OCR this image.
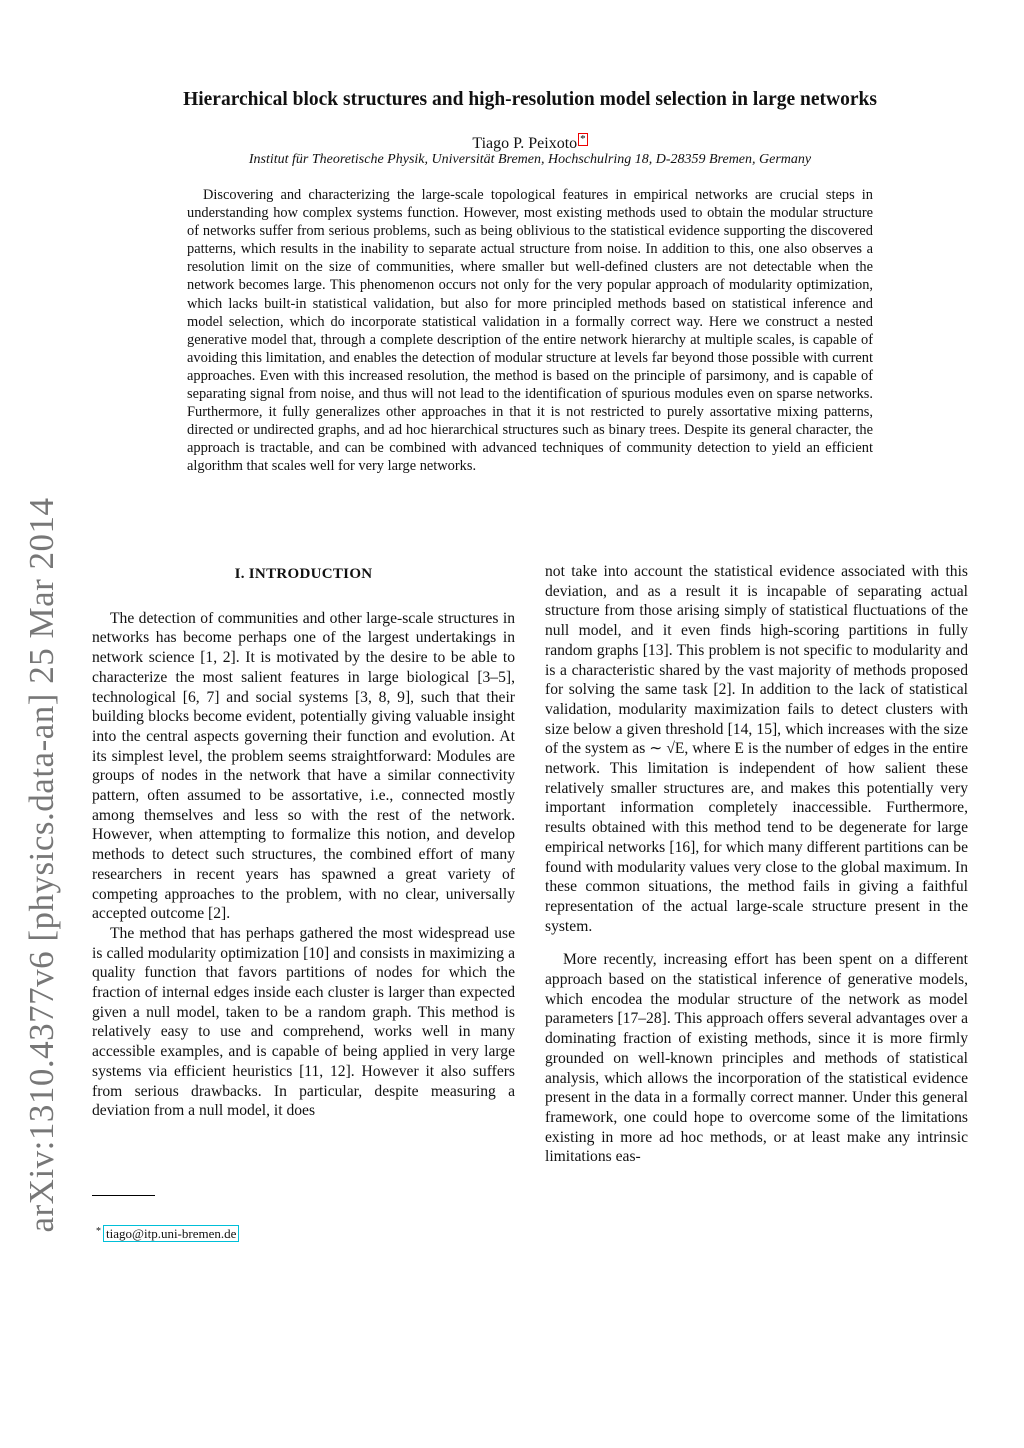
arXiv:1310.4377v6 [physics.data-an] 25 Mar 2014
Hierarchical block structures and high-resolution model selection in large networks
Tiago P. Peixoto *
Institut für Theoretische Physik, Universität Bremen, Hochschulring 18, D-28359 Bremen, Germany

Discovering and characterizing the large-scale topological features in empirical networks are crucial steps in understanding how complex systems function. However, most existing methods used to obtain the modular structure of networks suffer from serious problems, such as being oblivious to the statistical evidence supporting the discovered patterns, which results in the inability to separate actual structure from noise. In addition to this, one also observes a resolution limit on the size of communities, where smaller but well-defined clusters are not detectable when the network becomes large. This phenomenon occurs not only for the very popular approach of modularity optimization, which lacks built-in statistical validation, but also for more principled methods based on statistical inference and model selection, which do incorporate statistical validation in a formally correct way. Here we construct a nested generative model that, through a complete description of the entire network hierarchy at multiple scales, is capable of avoiding this limitation, and enables the detection of modular structure at levels far beyond those possible with current approaches. Even with this increased resolution, the method is based on the principle of parsimony, and is capable of separating signal from noise, and thus will not lead to the identification of spurious modules even on sparse networks. Furthermore, it fully generalizes other approaches in that it is not restricted to purely assortative mixing patterns, directed or undirected graphs, and ad hoc hierarchical structures such as binary trees. Despite its general character, the approach is tractable, and can be combined with advanced techniques of community detection to yield an efficient algorithm that scales well for very large networks.

I. INTRODUCTION

The detection of communities and other large-scale structures in networks has become perhaps one of the largest undertakings in network science [1, 2]. It is motivated by the desire to be able to characterize the most salient features in large biological [3–5], technological [6, 7] and social systems [3, 8, 9], such that their building blocks become evident, potentially giving valuable insight into the central aspects governing their function and evolution. At its simplest level, the problem seems straightforward: Modules are groups of nodes in the network that have a similar connectivity pattern, often assumed to be assortative, i.e., connected mostly among themselves and less so with the rest of the network. However, when attempting to formalize this notion, and develop methods to detect such structures, the combined effort of many researchers in recent years has spawned a great variety of competing approaches to the problem, with no clear, universally accepted outcome [2].

The method that has perhaps gathered the most widespread use is called modularity optimization [10] and consists in maximizing a quality function that favors partitions of nodes for which the fraction of internal edges inside each cluster is larger than expected given a null model, taken to be a random graph. This method is relatively easy to use and comprehend, works well in many accessible examples, and is capable of being applied in very large systems via efficient heuristics [11, 12]. However it also suffers from serious drawbacks. In particular, despite measuring a deviation from a null model, it does

not take into account the statistical evidence associated with this deviation, and as a result it is incapable of separating actual structure from those arising simply of statistical fluctuations of the null model, and it even finds high-scoring partitions in fully random graphs [13]. This problem is not specific to modularity and is a characteristic shared by the vast majority of methods proposed for solving the same task [2]. In addition to the lack of statistical validation, modularity maximization fails to detect clusters with size below a given threshold [14, 15], which increases with the size of the system as ∼ √E, where E is the number of edges in the entire network. This limitation is independent of how salient these relatively smaller structures are, and makes this potentially very important information completely inaccessible. Furthermore, results obtained with this method tend to be degenerate for large empirical networks [16], for which many different partitions can be found with modularity values very close to the global maximum. In these common situations, the method fails in giving a faithful representation of the actual large-scale structure present in the system.

More recently, increasing effort has been spent on a different approach based on the statistical inference of generative models, which encodea the modular structure of the network as model parameters [17–28]. This approach offers several advantages over a dominating fraction of existing methods, since it is more firmly grounded on well-known principles and methods of statistical analysis, which allows the incorporation of the statistical evidence present in the data in a formally correct manner. Under this general framework, one could hope to overcome some of the limitations existing in more ad hoc methods, or at least make any intrinsic limitations eas-

* tiago@itp.uni-bremen.de
